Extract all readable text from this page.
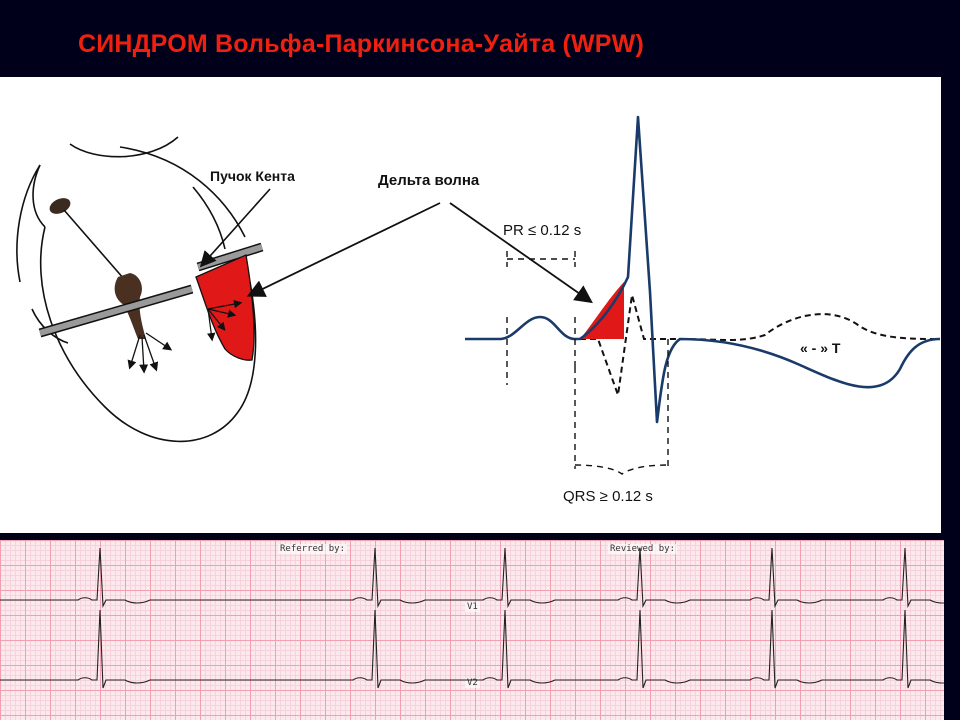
СИНДРОМ Вольфа-Паркинсона-Уайта (WPW)
Пучок Кента	Дельта волна
PR ≤ 0.12 s
QRS ≥ 0.12 s
« - » T
Referred by:	Reviewed by:
V1
V2
